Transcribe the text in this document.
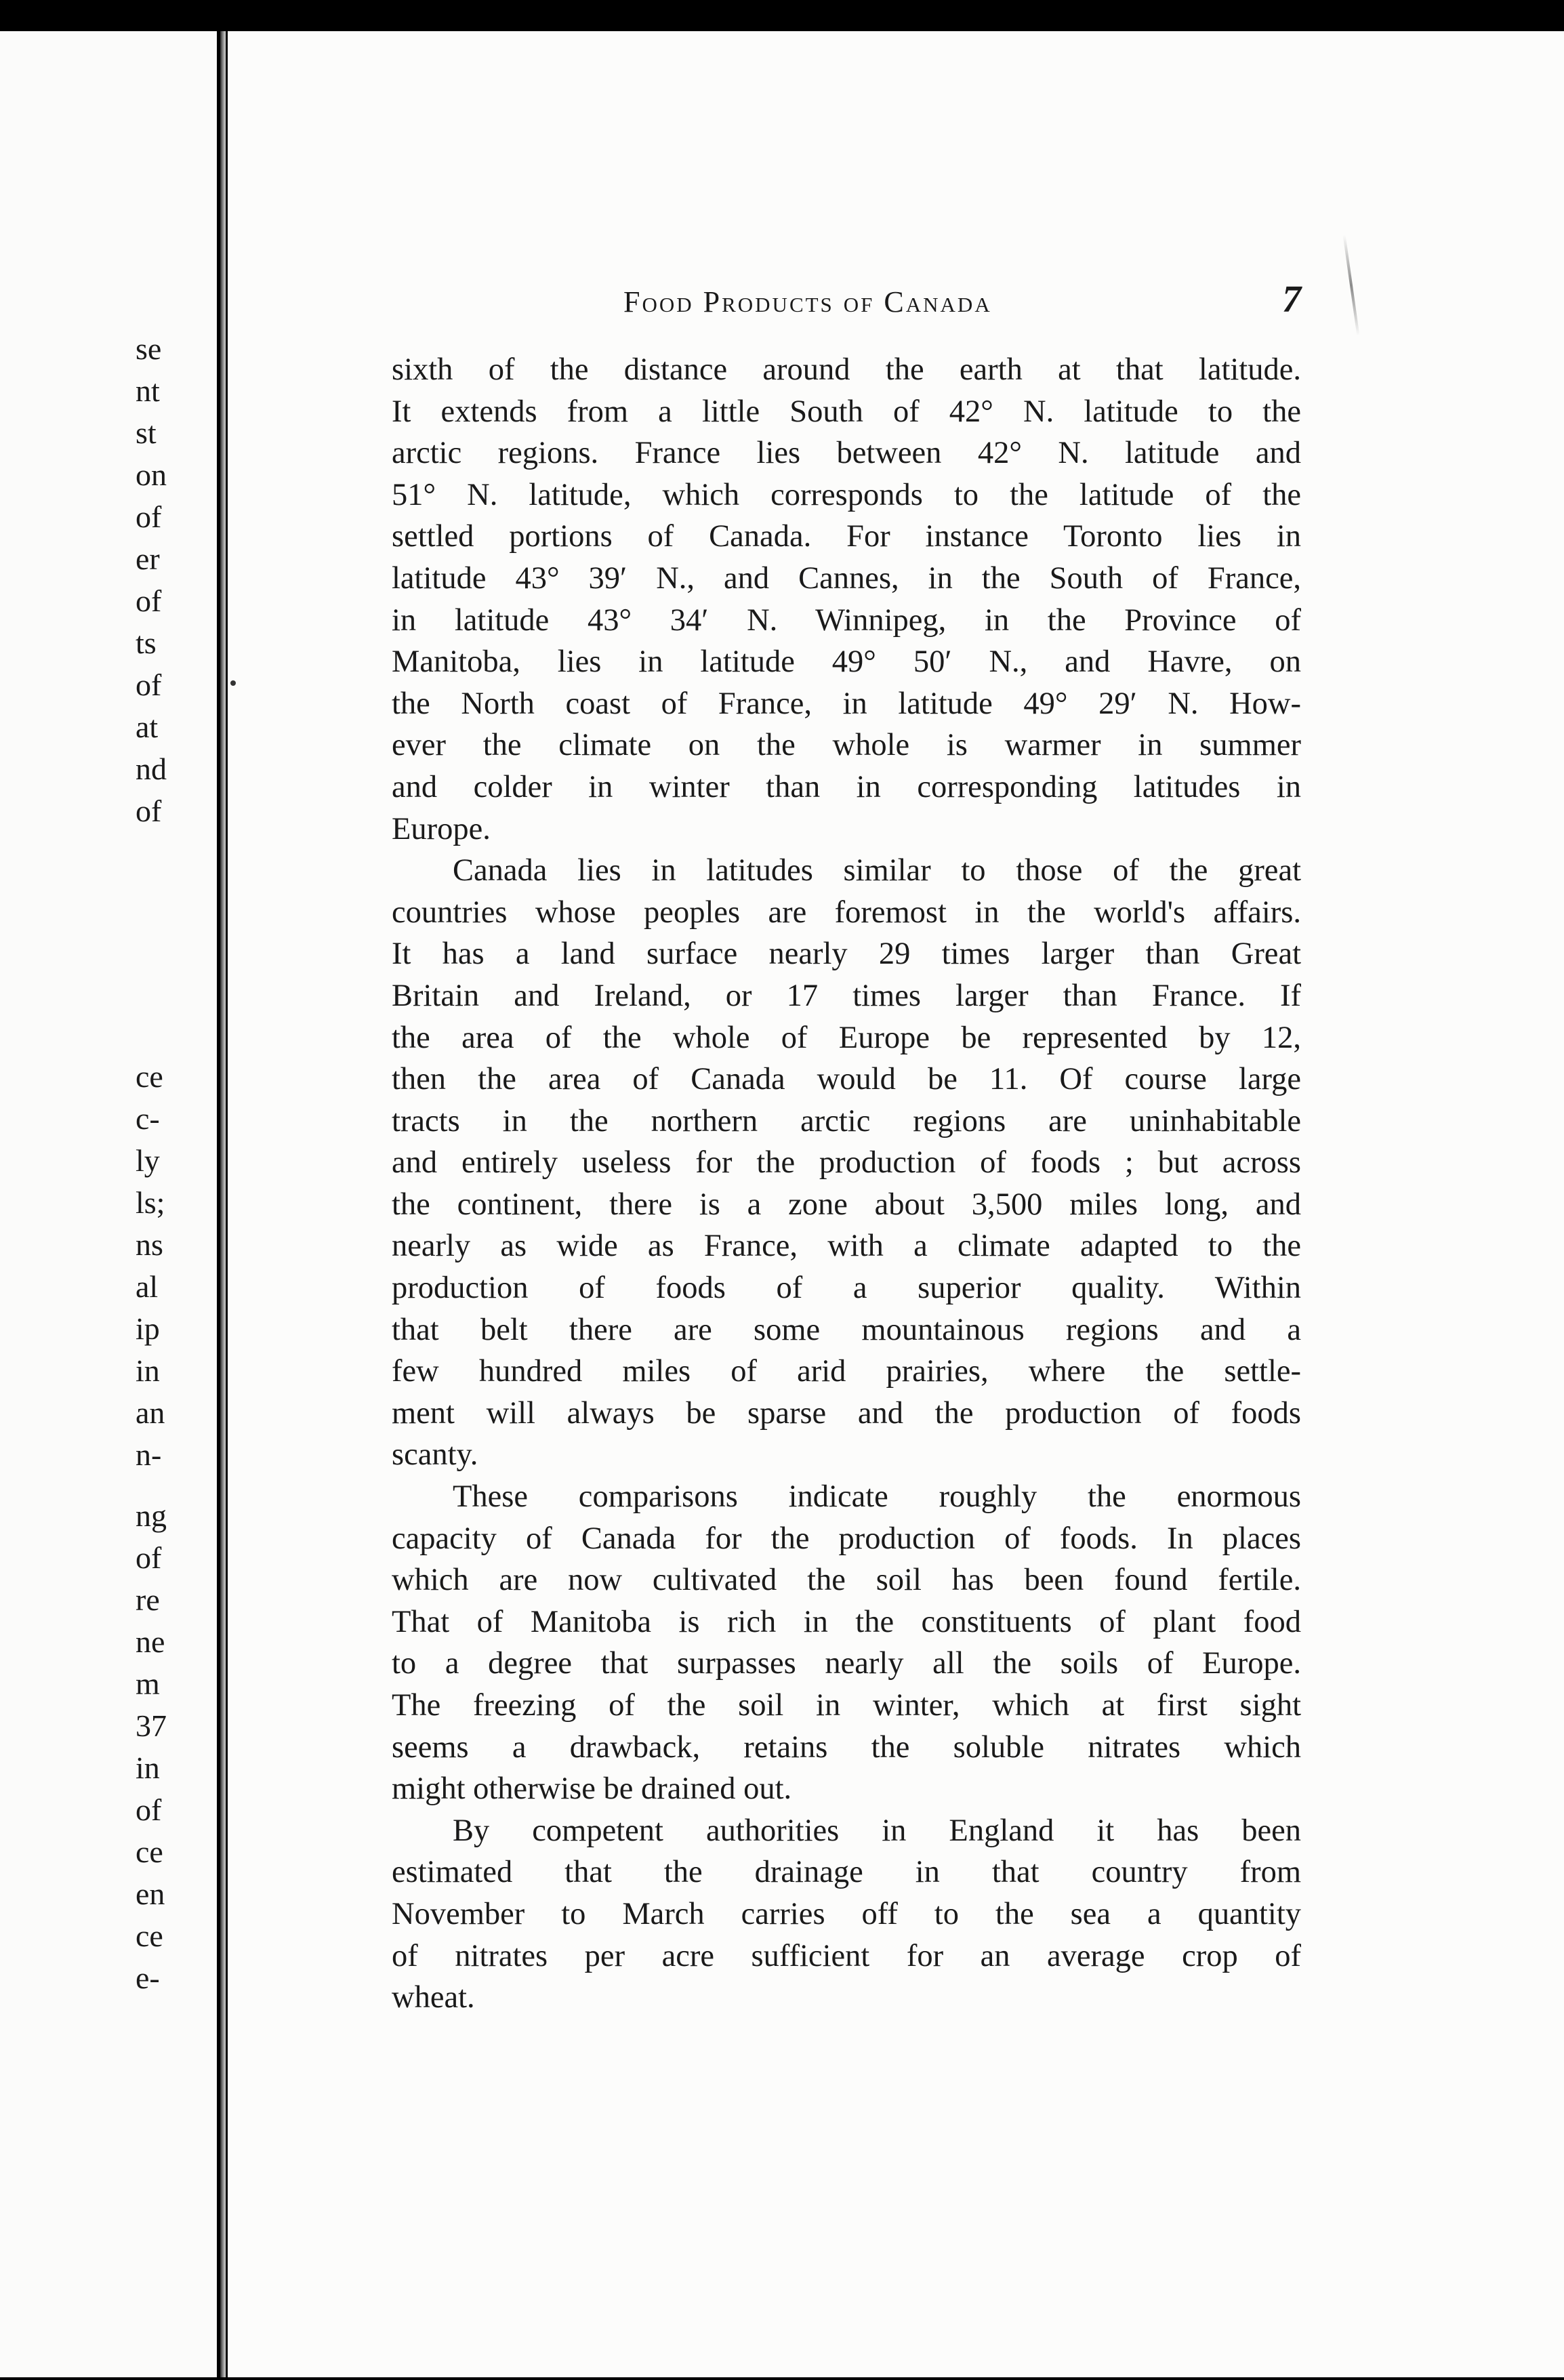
se
nt
st
on
of
er
of
ts
of
at
nd
of
ce
c-
ly
ls;
ns
al
ip
in
an
n-
ng
of
re
ne
m
37
in
of
ce
en
ce
e-
Food Products of Canada	7
sixth of the distance around the earth at that latitude.
It extends from a little South of 42° N. latitude to the
arctic regions. France lies between 42° N. latitude and
51° N. latitude, which corresponds to the latitude of the
settled portions of Canada. For instance Toronto lies in
latitude 43° 39′ N., and Cannes, in the South of France,
in latitude 43° 34′ N. Winnipeg, in the Province of
Manitoba, lies in latitude 49° 50′ N., and Havre, on
the North coast of France, in latitude 49° 29′ N. How-
ever the climate on the whole is warmer in summer
and colder in winter than in corresponding latitudes in
Europe.
Canada lies in latitudes similar to those of the great
countries whose peoples are foremost in the world's affairs.
It has a land surface nearly 29 times larger than Great
Britain and Ireland, or 17 times larger than France. If
the area of the whole of Europe be represented by 12,
then the area of Canada would be 11. Of course large
tracts in the northern arctic regions are uninhabitable
and entirely useless for the production of foods ; but across
the continent, there is a zone about 3,500 miles long, and
nearly as wide as France, with a climate adapted to the
production of foods of a superior quality. Within
that belt there are some mountainous regions and a
few hundred miles of arid prairies, where the settle-
ment will always be sparse and the production of foods
scanty.
These comparisons indicate roughly the enormous
capacity of Canada for the production of foods. In places
which are now cultivated the soil has been found fertile.
That of Manitoba is rich in the constituents of plant food
to a degree that surpasses nearly all the soils of Europe.
The freezing of the soil in winter, which at first sight
seems a drawback, retains the soluble nitrates which
might otherwise be drained out.
By competent authorities in England it has been
estimated that the drainage in that country from
November to March carries off to the sea a quantity
of nitrates per acre sufficient for an average crop of
wheat.
